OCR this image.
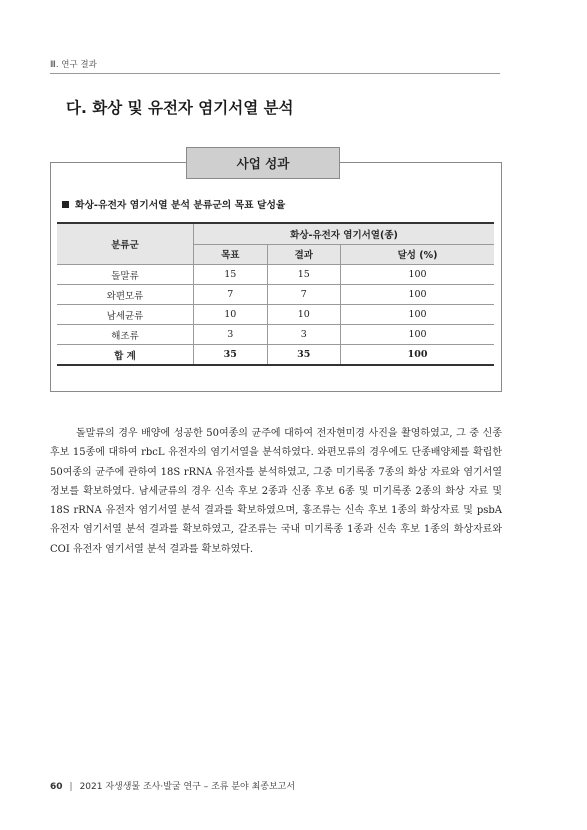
Ⅲ. 연구 결과
다. 화상 및 유전자 염기서열 분석
사업 성과
화상-유전자 염기서열 분석 분류군의 목표 달성율
분류군	화상-유전자 염기서열(종)		
	목표	결과	달성 (%)
돌말류	15	15	100
와편모류	7	7	100
남세균류	10	10	100
해조류	3	3	100
합 계	35	35	100

돌말류의 경우 배양에 성공한 50여종의 균주에 대하여 전자현미경 사진을 촬영하였고, 그 중 신종 후보 15종에 대하여 rbcL 유전자의 염기서열을 분석하였다. 와편모류의 경우에도 단종배양체를 확립한 50여종의 균주에 관하여 18S rRNA 유전자를 분석하였고, 그중 미기록종 7종의 화상 자료와 염기서열 정보를 확보하였다. 남세균류의 경우 신속 후보 2종과 신종 후보 6종 및 미기록종 2종의 화상 자료 및 18S rRNA 유전자 염기서열 분석 결과를 확보하였으며, 홍조류는 신속 후보 1종의 화상자료 및 psbA 유전자 염기서열 분석 결과를 확보하였고, 갈조류는 국내 미기록종 1종과 신속 후보 1종의 화상자료와 COI 유전자 염기서열 분석 결과를 확보하였다.

60 | 2021 자생생물 조사·발굴 연구 – 조류 분야 최종보고서
